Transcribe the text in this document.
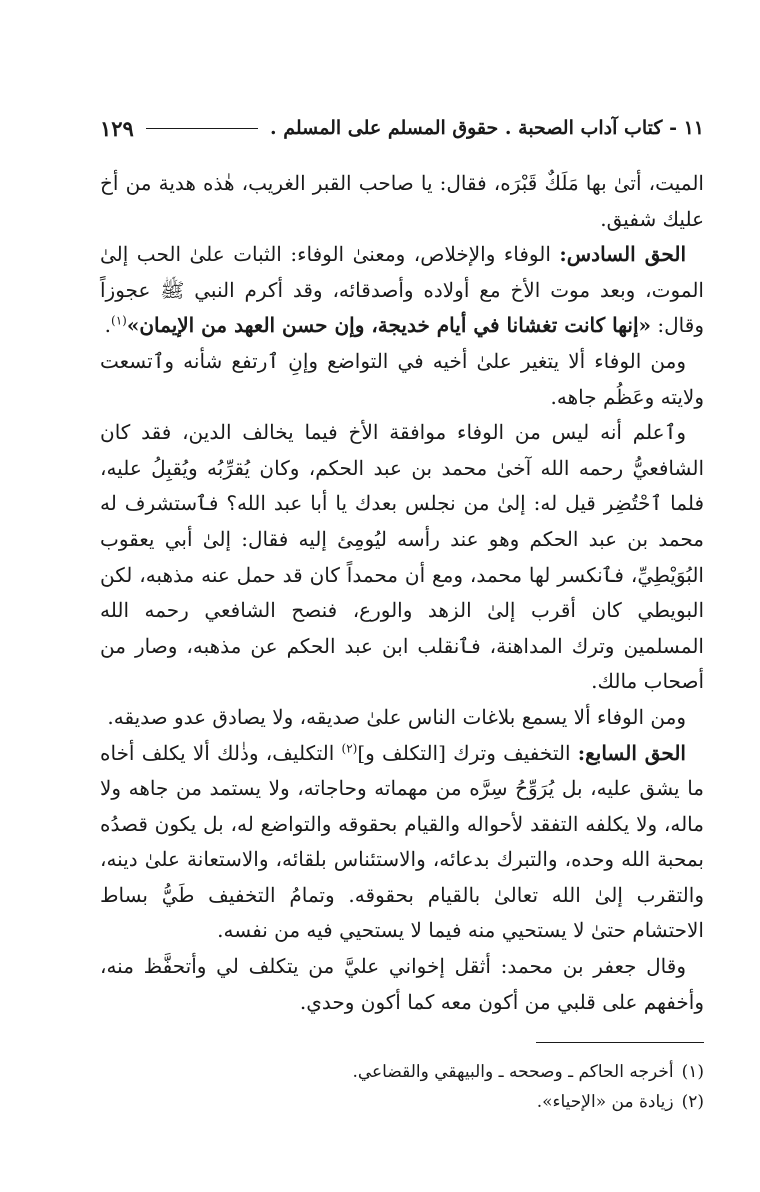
١١ - كتاب آداب الصحبة . حقوق المسلم على المسلم .
١٢٩

الميت، أتىٰ بها مَلَكٌ قَبْرَه، فقال: يا صاحب القبر الغريب، هٰذه هدية من أخ عليك شفيق.

الحق السادس: الوفاء والإخلاص، ومعنىٰ الوفاء: الثبات علىٰ الحب إلىٰ الموت، وبعد موت الأخ مع أولاده وأصدقائه، وقد أكرم النبي ﷺ عجوزاً وقال: «إنها كانت تغشانا في أيام خديجة، وإن حسن العهد من الإيمان»$^{(١)}$.

ومن الوفاء ألا يتغير علىٰ أخيه في التواضع وإنِ ٱرتفع شأنه وٱتسعت ولايته وعَظُم جاهه.

وٱعلم أنه ليس من الوفاء موافقة الأخ فيما يخالف الدين، فقد كان الشافعيُّ رحمه الله آخىٰ محمد بن عبد الحكم، وكان يُقرِّبُه ويُقبِلُ عليه، فلما ٱحْتُضِر قيل له: إلىٰ من نجلس بعدك يا أبا عبد الله؟ فٱستشرف له محمد بن عبد الحكم وهو عند رأسه ليُومِئ إليه فقال: إلىٰ أبي يعقوب البُوَيْطِيِّ، فٱنكسر لها محمد، ومع أن محمداً كان قد حمل عنه مذهبه، لكن البويطي كان أقرب إلىٰ الزهد والورع، فنصح الشافعي رحمه الله المسلمين وترك المداهنة، فٱنقلب ابن عبد الحكم عن مذهبه، وصار من أصحاب مالك.

ومن الوفاء ألا يسمع بلاغات الناس علىٰ صديقه، ولا يصادق عدو صديقه.

الحق السابع: التخفيف وترك [التكلف و]$^{(٢)}$ التكليف، وذٰلك ألا يكلف أخاه ما يشق عليه، بل يُرَوِّحُ سِرَّه من مهماته وحاجاته، ولا يستمد من جاهه ولا ماله، ولا يكلفه التفقد لأحواله والقيام بحقوقه والتواضع له، بل يكون قصدُه بمحبة الله وحده، والتبرك بدعائه، والاستئناس بلقائه، والاستعانة علىٰ دينه، والتقرب إلىٰ الله تعالىٰ بالقيام بحقوقه. وتمامُ التخفيف طَيُّ بساط الاحتشام حتىٰ لا يستحيي منه فيما لا يستحيي فيه من نفسه.

وقال جعفر بن محمد: أثقل إخواني عليَّ من يتكلف لي وأتحفَّظ منه، وأخفهم على قلبي من أكون معه كما أكون وحدي.

(١)أخرجه الحاكم ـ وصححه ـ والبيهقي والقضاعي.
(٢)زيادة من «الإحياء».
